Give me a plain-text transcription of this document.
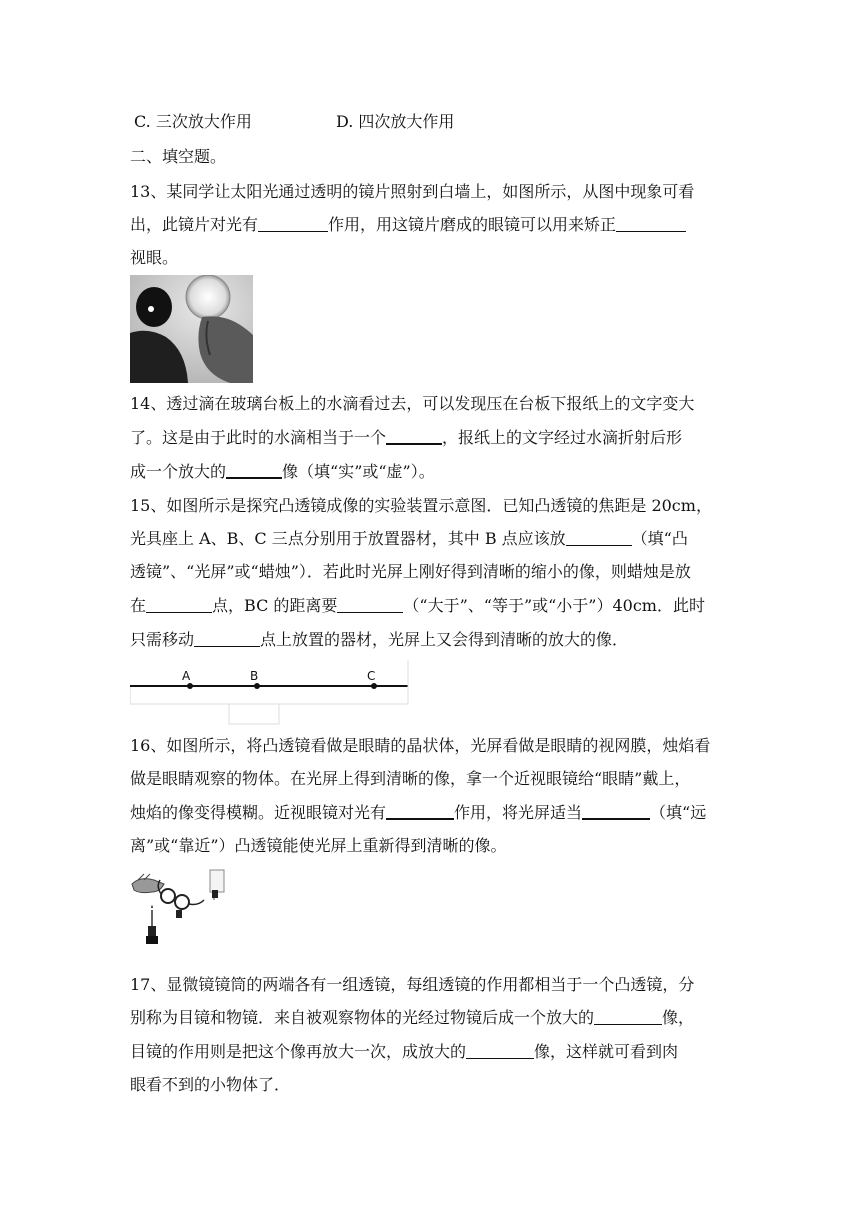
C. 三次放大作用	D. 四次放大作用
二、填空题。
13、某同学让太阳光通过透明的镜片照射到白墙上，如图所示，从图中现象可看
出，此镜片对光有	作用，用这镜片磨成的眼镜可以用来矫正
视眼。
14、透过滴在玻璃台板上的水滴看过去，可以发现压在台板下报纸上的文字变大
了。这是由于此时的水滴相当于一个	，报纸上的文字经过水滴折射后形
成一个放大的	像（填“实”或“虚”）。
15、如图所示是探究凸透镜成像的实验装置示意图．已知凸透镜的焦距是 20cm，
光具座上 A、B、C 三点分别用于放置器材，其中 B 点应该放	（填“凸
透镜”、“光屏”或“蜡烛”）．若此时光屏上刚好得到清晰的缩小的像，则蜡烛是放
在	点，BC 的距离要	（“大于”、“等于”或“小于”）40cm．此时
只需移动	点上放置的器材，光屏上又会得到清晰的放大的像．
A	B	C
16、如图所示，将凸透镜看做是眼睛的晶状体，光屏看做是眼睛的视网膜，烛焰看
做是眼睛观察的物体。在光屏上得到清晰的像，拿一个近视眼镜给“眼睛”戴上，
烛焰的像变得模糊。近视眼镜对光有	作用，将光屏适当	（填“远
离”或“靠近”）凸透镜能使光屏上重新得到清晰的像。
17、显微镜镜筒的两端各有一组透镜，每组透镜的作用都相当于一个凸透镜，分
别称为目镜和物镜．来自被观察物体的光经过物镜后成一个放大的	像，
目镜的作用则是把这个像再放大一次，成放大的	像，这样就可看到肉
眼看不到的小物体了．
